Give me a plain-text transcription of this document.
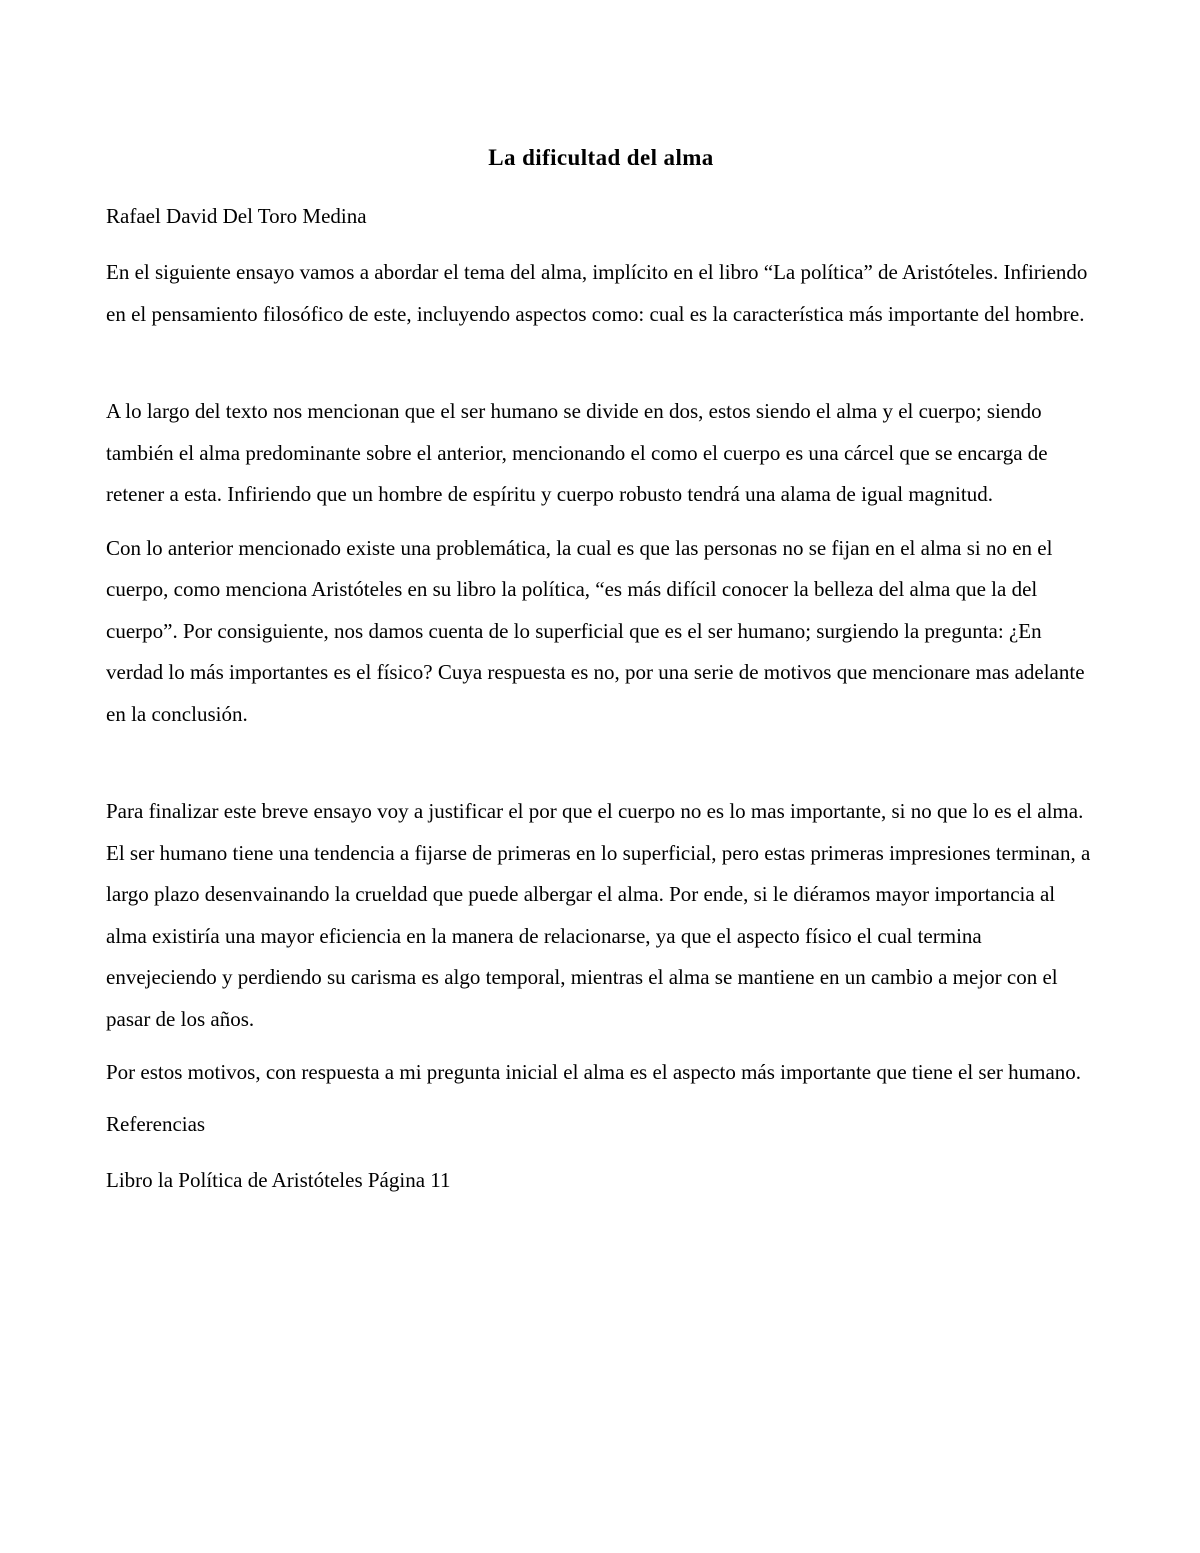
La dificultad del alma

Rafael David Del Toro Medina

En el siguiente ensayo vamos a abordar el tema del alma, implícito en el libro “La política” de Aristóteles. Infiriendo en el pensamiento filosófico de este, incluyendo aspectos como: cual es la característica más importante del hombre.

A lo largo del texto nos mencionan que el ser humano se divide en dos, estos siendo el alma y el cuerpo; siendo también el alma predominante sobre el anterior, mencionando el como el cuerpo es una cárcel que se encarga de retener a esta. Infiriendo que un hombre de espíritu y cuerpo robusto tendrá una alama de igual magnitud.

Con lo anterior mencionado existe una problemática, la cual es que las personas no se fijan en el alma si no en el cuerpo, como menciona Aristóteles en su libro la política, “es más difícil conocer la belleza del alma que la del cuerpo”. Por consiguiente, nos damos cuenta de lo superficial que es el ser humano; surgiendo la pregunta: ¿En verdad lo más importantes es el físico? Cuya respuesta es no, por una serie de motivos que mencionare mas adelante en la conclusión.

Para finalizar este breve ensayo voy a justificar el por que el cuerpo no es lo mas importante, si no que lo es el alma. El ser humano tiene una tendencia a fijarse de primeras en lo superficial, pero estas primeras impresiones terminan, a largo plazo desenvainando la crueldad que puede albergar el alma. Por ende, si le diéramos mayor importancia al alma existiría una mayor eficiencia en la manera de relacionarse, ya que el aspecto físico el cual termina envejeciendo y perdiendo su carisma es algo temporal, mientras el alma se mantiene en un cambio a mejor con el pasar de los años.

Por estos motivos, con respuesta a mi pregunta inicial el alma es el aspecto más importante que tiene el ser humano.

Referencias

Libro la Política de Aristóteles Página 11
